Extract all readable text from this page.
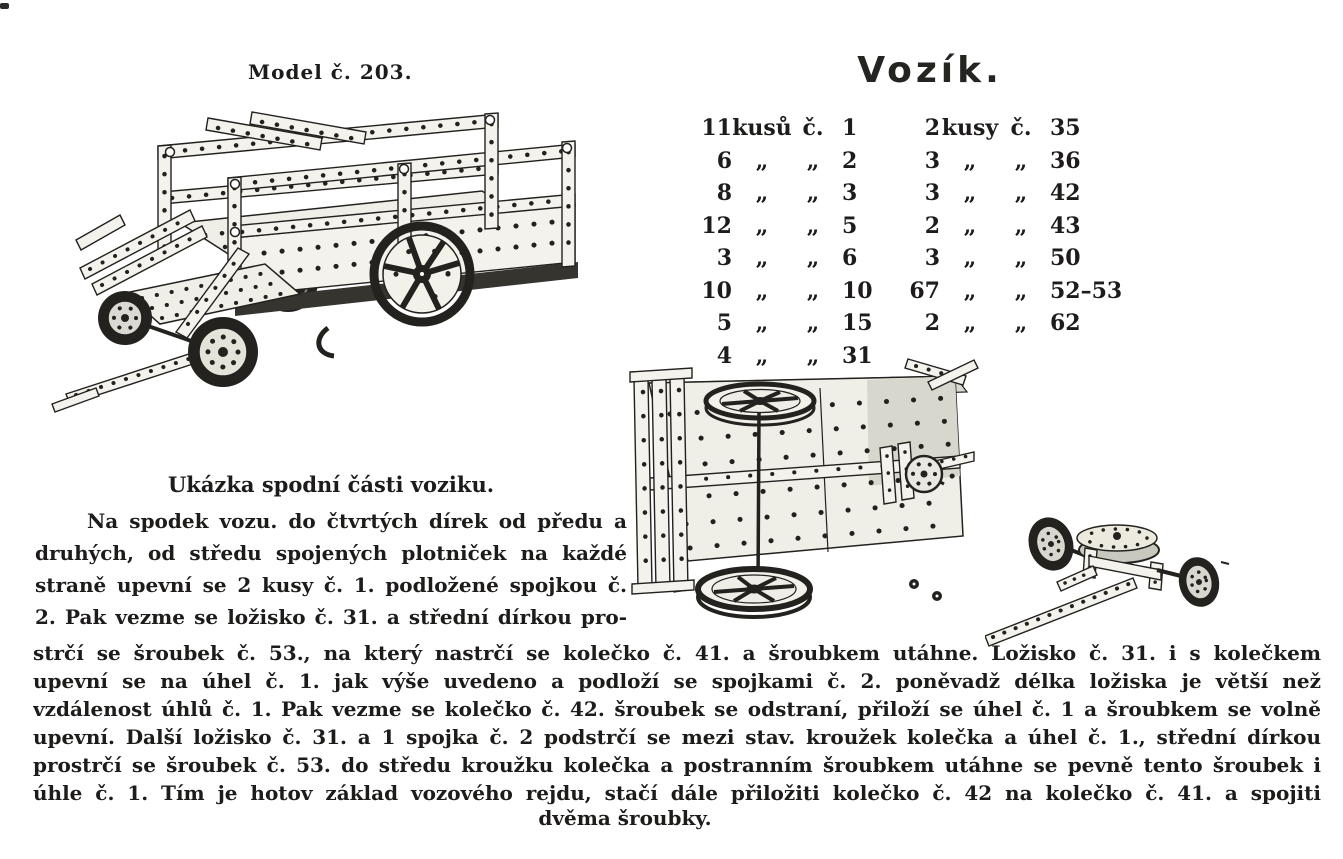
Model č. 203.	Vozík.
11 kusů č. 1
6	„	„	2
8	„	„	3
12	„	„	5
3	„	„	6
10	„	„	10
5	„	„	15
4	„	„	31
2 kusy č. 35
3	„	„	36
3	„	„	42
2	„	„	43
3	„	„	50
67	„	„	52–53
2	„	„	62
Ukázka spodní části voziku.
Na spodek vozu. do čtvrtých dírek od předu a
druhých, od středu spojených plotniček na každé
straně upevní se 2 kusy č. 1. podložené spojkou č.
2. Pak vezme se ložisko č. 31. a střední dírkou pro-
strčí se šroubek č. 53., na který nastrčí se kolečko č. 41. a šroubkem utáhne. Ložisko č. 31. i s kolečkem
upevní se na úhel č. 1. jak výše uvedeno a podloží se spojkami č. 2. poněvadž délka ložiska je větší než
vzdálenost úhlů č. 1. Pak vezme se kolečko č. 42. šroubek se odstraní, přiloží se úhel č. 1 a šroubkem se volně
upevní. Další ložisko č. 31. a 1 spojka č. 2 podstrčí se mezi stav. kroužek kolečka a úhel č. 1., střední dírkou
prostrčí se šroubek č. 53. do středu kroužku kolečka a postranním šroubkem utáhne se pevně tento šroubek i
úhle č. 1. Tím je hotov základ vozového rejdu, stačí dále přiložiti kolečko č. 42 na kolečko č. 41. a spojiti
dvěma šroubky.
